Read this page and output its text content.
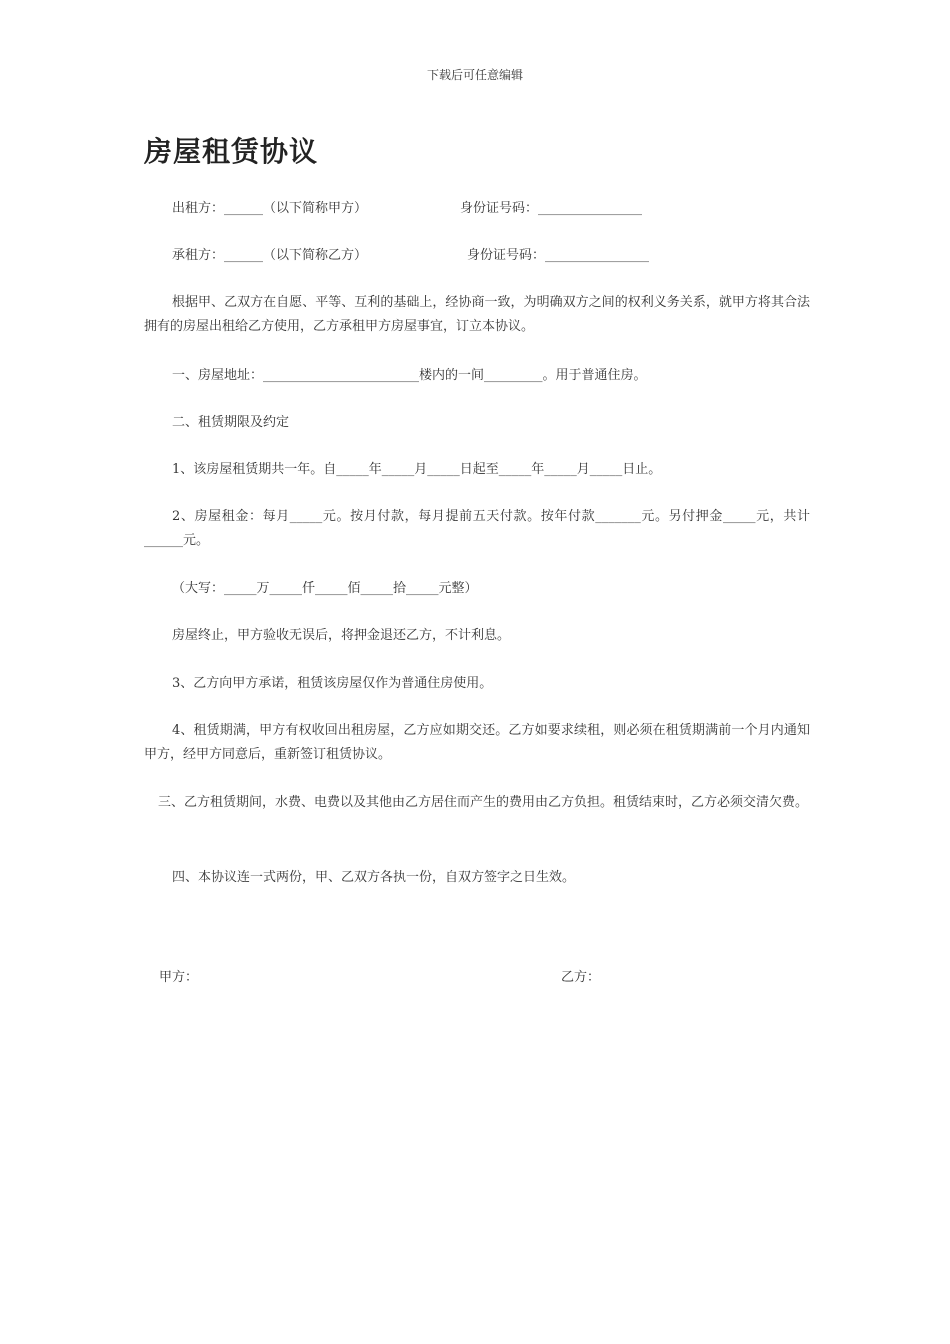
下载后可任意编辑
房屋租赁协议
出租方：______（以下简称甲方）	身份证号码：________________
承租方：______（以下简称乙方）	身份证号码：________________
根据甲、乙双方在自愿、平等、互利的基础上，经协商一致，为明确双方之间的权利义务关系，就甲方将其合法拥有的房屋出租给乙方使用，乙方承租甲方房屋事宜，订立本协议。
一、房屋地址：________________________楼内的一间_________。用于普通住房。
二、租赁期限及约定
1、该房屋租赁期共一年。自_____年_____月_____日起至_____年_____月_____日止。
2、房屋租金：每月_____元。按月付款，每月提前五天付款。按年付款_______元。另付押金_____元，共计______元。
（大写：_____万_____仟_____佰_____拾_____元整）
房屋终止，甲方验收无误后，将押金退还乙方，不计利息。
3、乙方向甲方承诺，租赁该房屋仅作为普通住房使用。
4、租赁期满，甲方有权收回出租房屋，乙方应如期交还。乙方如要求续租，则必须在租赁期满前一个月内通知甲方，经甲方同意后，重新签订租赁协议。
三、乙方租赁期间，水费、电费以及其他由乙方居住而产生的费用由乙方负担。租赁结束时，乙方必须交清欠费。
四、本协议连一式两份，甲、乙双方各执一份，自双方签字之日生效。
甲方：	乙方：
